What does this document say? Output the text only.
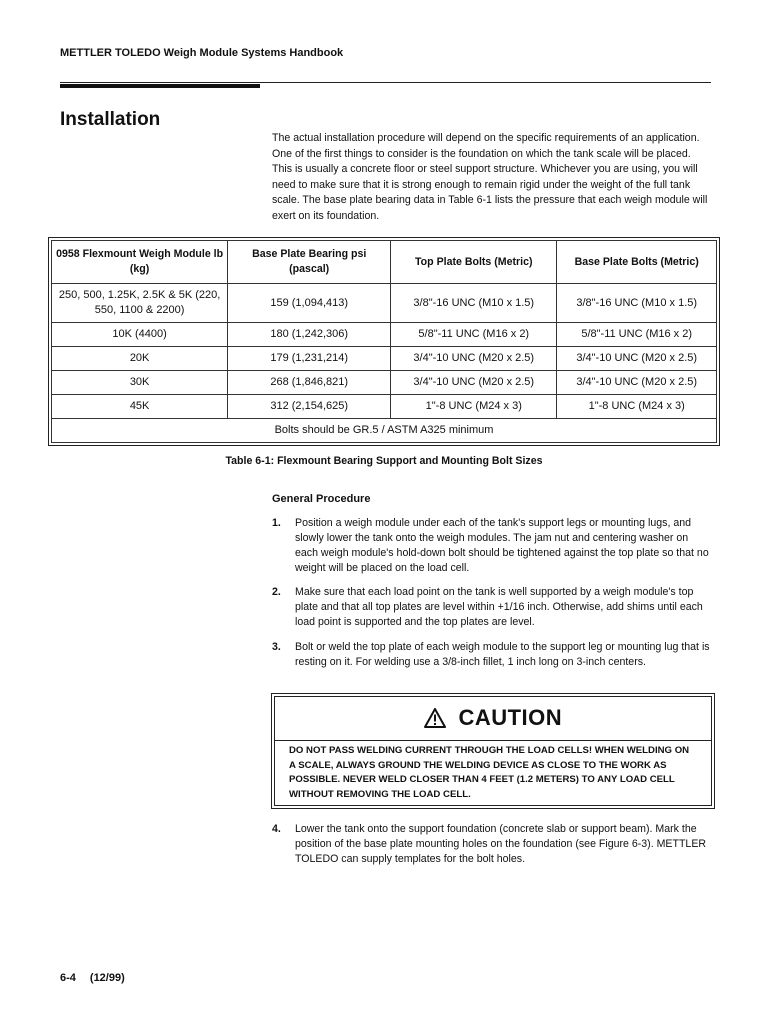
METTLER TOLEDO Weigh Module Systems Handbook
Installation

The actual installation procedure will depend on the specific requirements of an application. One of the first things to consider is the foundation on which the tank scale will be placed. This is usually a concrete floor or steel support structure. Whichever you are using, you will need to make sure that it is strong enough to remain rigid under the weight of the full tank scale. The base plate bearing data in Table 6-1 lists the pressure that each weigh module will exert on its foundation.

0958 Flexmount Weigh Module lb (kg)	Base Plate Bearing psi (pascal)	Top Plate Bolts (Metric)	Base Plate Bolts (Metric)
250, 500, 1.25K, 2.5K & 5K (220, 550, 1100 & 2200)	159 (1,094,413)	3/8"-16 UNC (M10 x 1.5)	3/8"-16 UNC (M10 x 1.5)
10K (4400)	180 (1,242,306)	5/8"-11 UNC (M16 x 2)	5/8"-11 UNC (M16 x 2)
20K	179 (1,231,214)	3/4"-10 UNC (M20 x 2.5)	3/4"-10 UNC (M20 x 2.5)
30K	268 (1,846,821)	3/4"-10 UNC (M20 x 2.5)	3/4"-10 UNC (M20 x 2.5)
45K	312 (2,154,625)	1"-8 UNC (M24 x 3)	1"-8 UNC (M24 x 3)
Bolts should be GR.5 / ASTM A325 minimum			
Table 6-1: Flexmount Bearing Support and Mounting Bolt Sizes
General Procedure
1. Position a weigh module under each of the tank's support legs or mounting lugs, and slowly lower the tank onto the weigh modules. The jam nut and centering washer on each weigh module's hold-down bolt should be tightened against the top plate so that no weight will be placed on the load cell.
2. Make sure that each load point on the tank is well supported by a weigh module's top plate and that all top plates are level within +1/16 inch. Otherwise, add shims until each load point is supported and the top plates are level.
3. Bolt or weld the top plate of each weigh module to the support leg or mounting lug that is resting on it. For welding use a 3/8-inch fillet, 1 inch long on 3-inch centers.
CAUTION
DO NOT PASS WELDING CURRENT THROUGH THE LOAD CELLS! WHEN WELDING ON A SCALE, ALWAYS GROUND THE WELDING DEVICE AS CLOSE TO THE WORK AS POSSIBLE. NEVER WELD CLOSER THAN 4 FEET (1.2 METERS) TO ANY LOAD CELL WITHOUT REMOVING THE LOAD CELL.
4. Lower the tank onto the support foundation (concrete slab or support beam). Mark the position of the base plate mounting holes on the foundation (see Figure 6-3). METTLER TOLEDO can supply templates for the bolt holes.
6-4 (12/99)
